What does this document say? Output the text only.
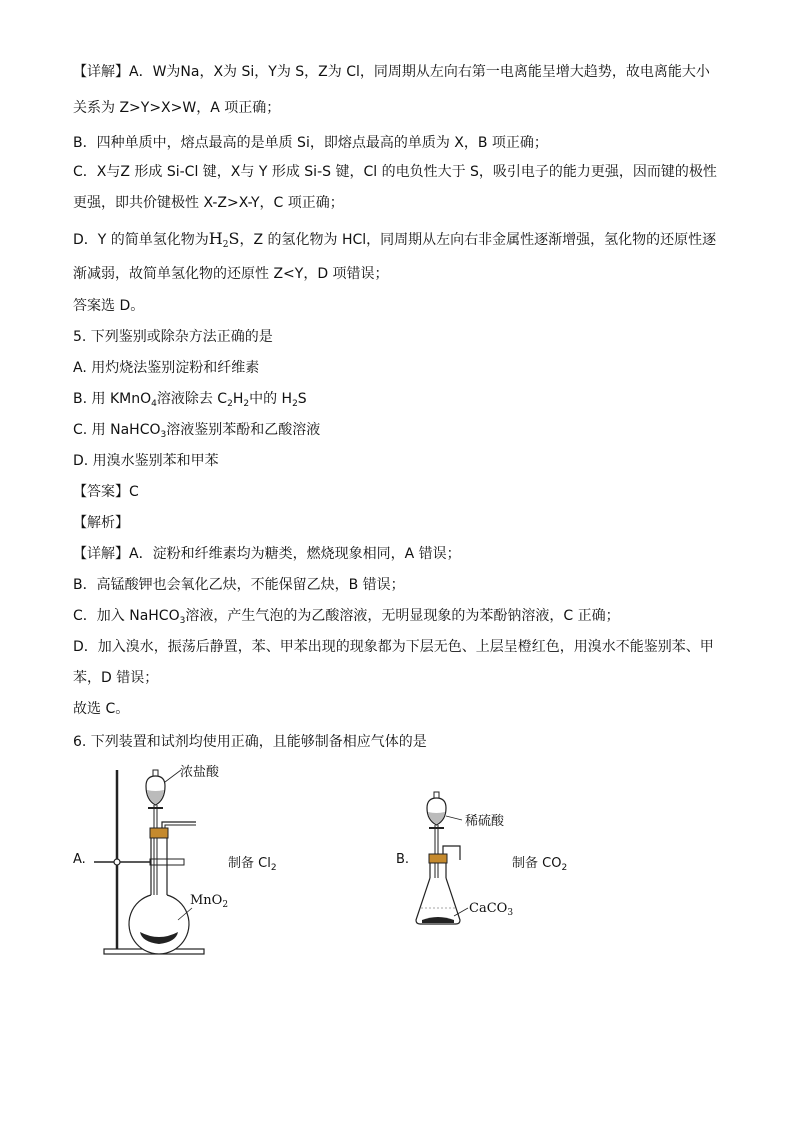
【详解】A．W为Na，X为 Si，Y为 S，Z为 Cl，同周期从左向右第一电离能呈增大趋势，故电离能大小
关系为 Z>Y>X>W，A 项正确；
B．四种单质中，熔点最高的是单质 Si，即熔点最高的单质为 X，B 项正确；
C．X与Z 形成 Si-Cl 键，X与 Y 形成 Si-S 键，Cl 的电负性大于 S，吸引电子的能力更强，因而键的极性
更强，即共价键极性 X-Z>X-Y，C 项正确；
D．Y 的简单氢化物为$H_2S$，Z 的氢化物为 HCl，同周期从左向右非金属性逐渐增强，氢化物的还原性逐
渐减弱，故简单氢化物的还原性 Z<Y，D 项错误；
答案选 D。
5. 下列鉴别或除杂方法正确的是
A. 用灼烧法鉴别淀粉和纤维素
B. 用 KMnO$_4$溶液除去 $C_2H_2$中的 $H_2S$
C. 用 NaHCO$_3$溶液鉴别苯酚和乙酸溶液
D. 用溴水鉴别苯和甲苯
【答案】C
【解析】
【详解】A．淀粉和纤维素均为糖类，燃烧现象相同，A 错误；
B．高锰酸钾也会氧化乙炔，不能保留乙炔，B 错误；
C．加入 NaHCO$_3$溶液，产生气泡的为乙酸溶液，无明显现象的为苯酚钠溶液，C 正确；
D．加入溴水，振荡后静置，苯、甲苯出现的现象都为下层无色、上层呈橙红色，用溴水不能鉴别苯、甲
苯，D 错误；
故选 C。
6. 下列装置和试剂均使用正确，且能够制备相应气体的是
A.
浓盐酸
MnO$_2$
制备 $Cl_2$
B.
稀硫酸
CaCO$_3$
制备 $CO_2$
